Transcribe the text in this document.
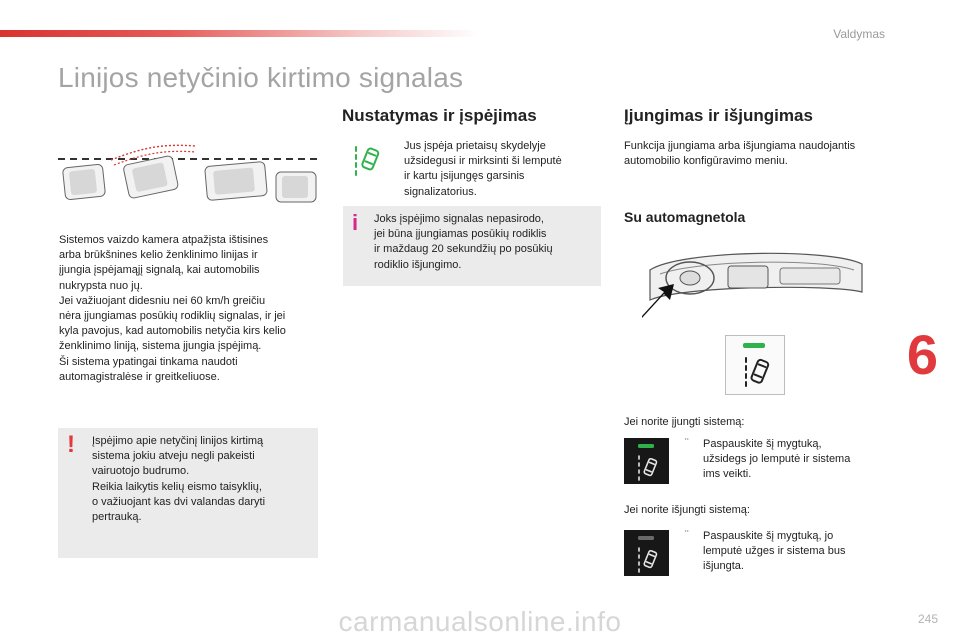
Valdymas
Linijos netyčinio kirtimo signalas
Sistemos vaizdo kamera atpažįsta ištisines
arba brūkšnines kelio ženklinimo linijas ir
įjungia įspėjamąjį signalą, kai automobilis
nukrypsta nuo jų.
Jei važiuojant didesniu nei 60 km/h greičiu
nėra įjungiamas posūkių rodiklių signalas, ir jei
kyla pavojus, kad automobilis netyčia kirs kelio
ženklinimo liniją, sistema įjungia įspėjimą.
Ši sistema ypatingai tinkama naudoti
automagistralėse ir greitkeliuose.
! Įspėjimo apie netyčinį linijos kirtimą
sistema jokiu atveju negli pakeisti
vairuotojo budrumo.
Reikia laikytis kelių eismo taisyklių,
o važiuojant kas dvi valandas daryti
pertrauką.
Nustatymas ir įspėjimas
Jus įspėja prietaisų skydelyje
užsidegusi ir mirksinti ši lemputė
ir kartu įsijungęs garsinis
signalizatorius.
i Joks įspėjimo signalas nepasirodo,
jei būna įjungiamas posūkių rodiklis
ir maždaug 20 sekundžių po posūkių
rodiklio išjungimo.
Įjungimas ir išjungimas
Funkcija įjungiama arba išjungiama naudojantis
automobilio konfigūravimo meniu.
Su automagnetola
Jei norite įjungti sistemą:
¨ Paspauskite šį mygtuką,
užsidegs jo lemputė ir sistema
ims veikti.
Jei norite išjungti sistemą:
¨ Paspauskite šį mygtuką, jo
lemputė užges ir sistema bus
išjungta.
6
carmanualsonline.info	245
